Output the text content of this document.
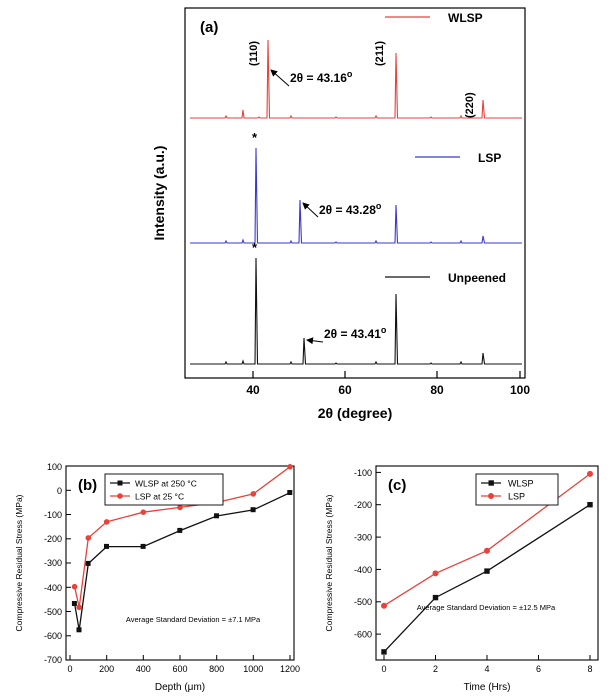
(a)
(110)	(211)
(220)
WLSP
$2\theta = 43.16^o$
*
LSP
$2\theta = 43.28^o$
*
Unpeened
$2\theta = 43.41^o$
40	60	80	100
2θ (degree)
Intensity (a.u.)
(b)
-700
-600
-500
-400
-300
-200
-100
0
100
0	200 400 600 800 1000 1200
WLSP at 250 °C
LSP at 25 °C
Average Standard Deviation = ±7.1 MPa
Depth (μm)
Compressive Residual Stress (MPa)
(c)
-600
-500
-400
-300
-200
-100
0	2	4	6	8
WLSP
LSP
Average Standard Deviation = ±12.5 MPa
Time (Hrs)
Compressive Residual Stress (MPa)
